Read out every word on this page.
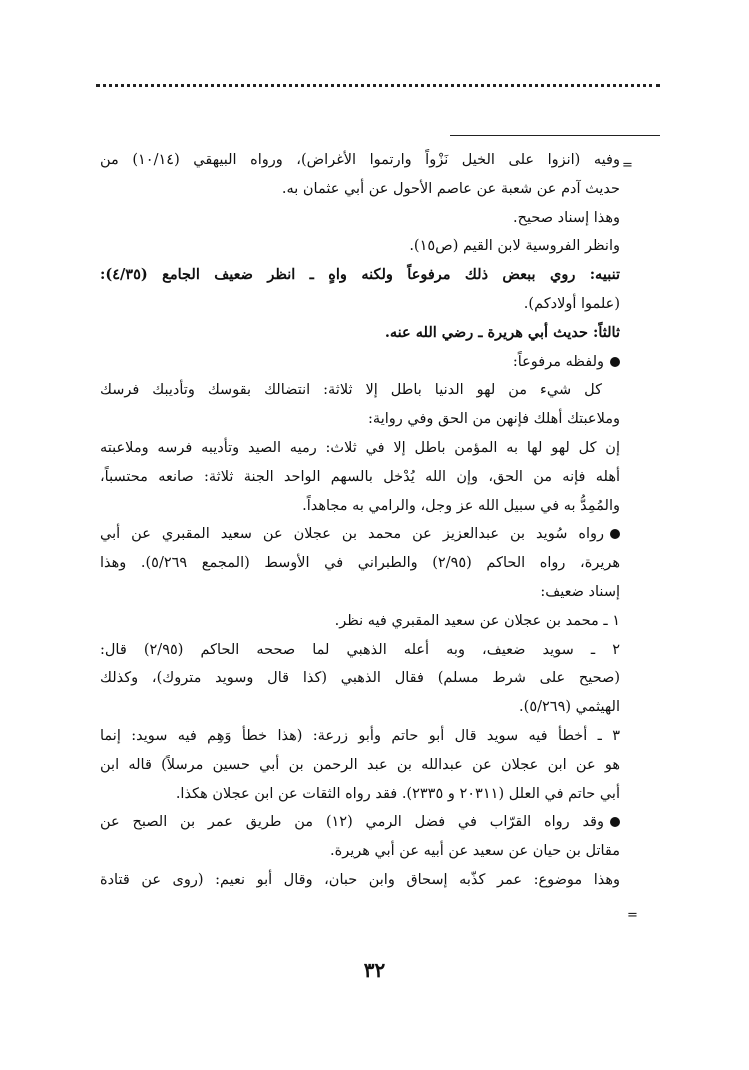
=
وفيه (انزوا على الخيل نَزْواً وارتموا الأغراض)، ورواه البيهقي (١٠/١٤) من
حديث آدم عن شعبة عن عاصم الأحول عن أبي عثمان به.
وهذا إسناد صحيح.
وانظر الفروسية لابن القيم (ص١٥).
تنبيه: روي ببعض ذلك مرفوعاً ولكنه واهٍ ـ انظر ضعيف الجامع (٤/٣٥):
(علموا أولادكم).
ثالثاً: حديث أبي هريرة ـ رضي الله عنه.
ولفظه مرفوعاً:
كل شيء من لهو الدنيا باطل إلا ثلاثة: انتضالك بقوسك وتأديبك فرسك
وملاعبتك أهلك فإنهن من الحق وفي رواية:
إن كل لهو لها به المؤمن باطل إلا في ثلاث: رميه الصيد وتأديبه فرسه وملاعبته
أهله فإنه من الحق، وإن الله يُدْخل بالسهم الواحد الجنة ثلاثة: صانعه محتسباً،
والمُمِدُّ به في سبيل الله عز وجل، والرامي به مجاهداً.
رواه سُويد بن عبدالعزيز عن محمد بن عجلان عن سعيد المقبري عن أبي
هريرة، رواه الحاكم (٢/٩٥) والطبراني في الأوسط (المجمع ٥/٢٦٩). وهذا
إسناد ضعيف:
١ ـ محمد بن عجلان عن سعيد المقبري فيه نظر.
٢ ـ سويد ضعيف، وبه أعله الذهبي لما صححه الحاكم (٢/٩٥) قال:
(صحيح على شرط مسلم) فقال الذهبي (كذا قال وسويد متروك)، وكذلك
الهيثمي (٥/٢٦٩).
٣ ـ أخطأ فيه سويد قال أبو حاتم وأبو زرعة: (هذا خطأ وَهِم فيه سويد: إنما
هو عن ابن عجلان عن عبدالله بن عبد الرحمن بن أبي حسين مرسلاً) قاله ابن
أبي حاتم في العلل (٢٠٣١١ و ٢٣٣٥). فقد رواه الثقات عن ابن عجلان هكذا.
وقد رواه القرّاب في فضل الرمي (١٢) من طريق عمر بن الصبح عن
مقاتل بن حيان عن سعيد عن أبيه عن أبي هريرة.
وهذا موضوع: عمر كذّبه إسحاق وابن حبان، وقال أبو نعيم: (روى عن قتادة
=
٣٢
